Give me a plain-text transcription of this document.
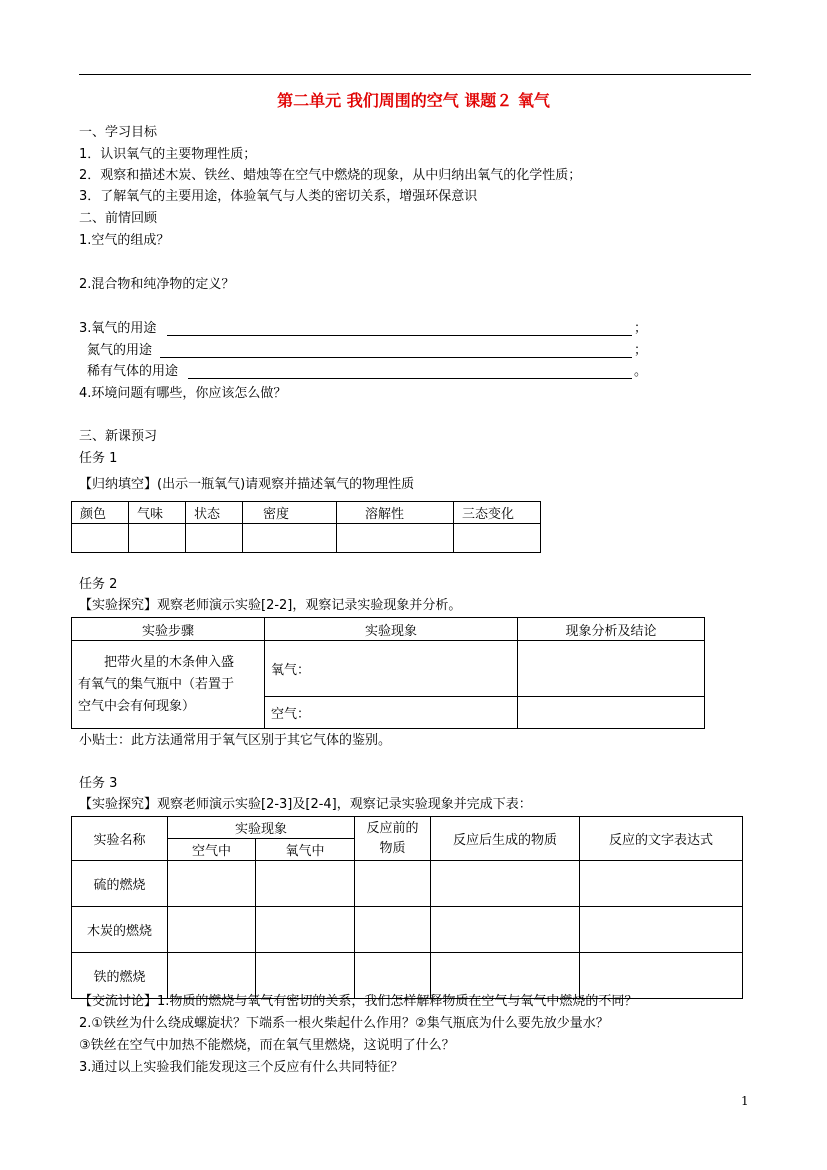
第二单元 我们周围的空气 课题２ 氧气
一、学习目标
1．认识氧气的主要物理性质；
2．观察和描述木炭、铁丝、蜡烛等在空气中燃烧的现象，从中归纳出氧气的化学性质；
3．了解氧气的主要用途，体验氧气与人类的密切关系，增强环保意识
二、前情回顾
1.空气的组成？
2.混合物和纯净物的定义？
3.氧气的用途	；
氮气的用途	；
稀有气体的用途	。
4.环境问题有哪些，你应该怎么做？
三、新课预习
任务 1
【归纳填空】(出示一瓶氧气)请观察并描述氧气的物理性质
颜色	气味	状态	密度	溶解性	三态变化

任务 2
【实验探究】观察老师演示实验[2-2]，观察记录实验现象并分析。
实验步骤	实验现象	现象分析及结论

把带火星的木条伸入盛
有氧气的集气瓶中（若置于
空气中会有何现象）	氧气：	
	空气：	
小贴士：此方法通常用于氧气区别于其它气体的鉴别。
任务 3
【实验探究】观察老师演示实验[2-3]及[2-4]，观察记录实验现象并完成下表：
实验名称	实验现象		反应前的
物质	反应后生成的物质	反应的文字表达式
	空气中	氧气中			
硫的燃烧					
木炭的燃烧					
铁的燃烧					
【交流讨论】1.物质的燃烧与氧气有密切的关系，我们怎样解释物质在空气与氧气中燃烧的不同？
2.①铁丝为什么绕成螺旋状？下端系一根火柴起什么作用？②集气瓶底为什么要先放少量水？
③铁丝在空气中加热不能燃烧，而在氧气里燃烧，这说明了什么？
3.通过以上实验我们能发现这三个反应有什么共同特征？
1
